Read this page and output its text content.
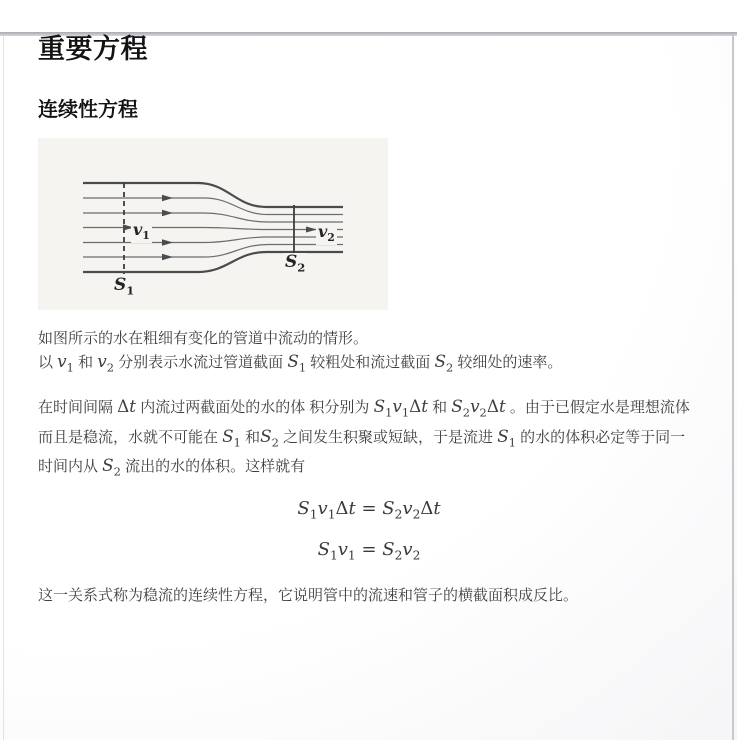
重要方程
连续性方程
$v_1$	$v_2$
$S_1$
$S_2$

如图所示的水在粗细有变化的管道中流动的情形。
以 $v_1$ 和 $v_2$ 分别表示水流过管道截面 $S_1$ 较粗处和流过截面 $S_2$ 较细处的速率。

在时间间隔 Δt 内流过两截面处的水的体 积分别为 $S_1v_1\Delta t$ 和 $S_2v_2\Delta t$ 。由于已假定水是理想流体而且是稳流，水就不可能在 $S_1$ 和$S_2$ 之间发生积聚或短缺，于是流进 $S_1$ 的水的体积必定等于同一时间内从 $S_2$ 流出的水的体积。这样就有

$S_1v_1\Delta t = S_2v_2\Delta t$
$S_1v_1 = S_2v_2$

这一关系式称为稳流的连续性方程，它说明管中的流速和管子的横截面积成反比。
